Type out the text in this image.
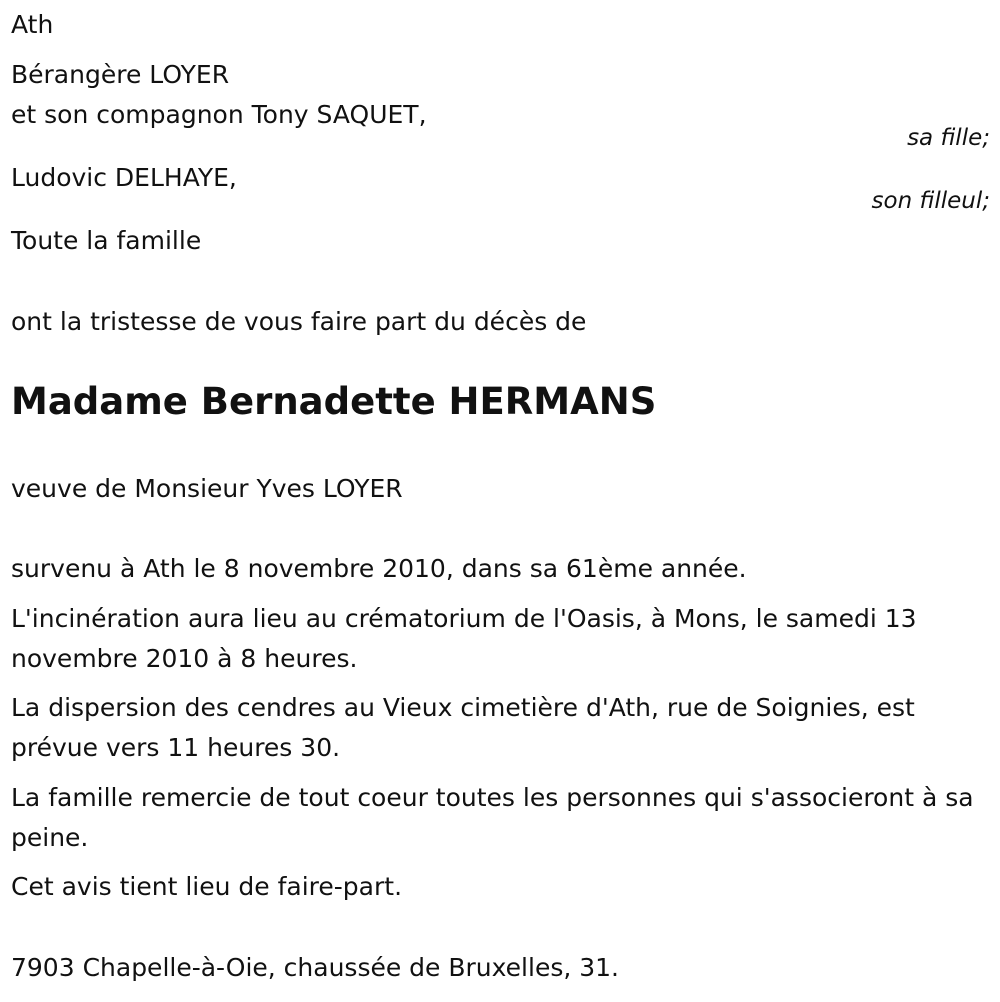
Ath

Bérangère LOYER

et son compagnon Tony SAQUET,

sa fille;

Ludovic DELHAYE,

son filleul;

Toute la famille

ont la tristesse de vous faire part du décès de

Madame Bernadette HERMANS

veuve de Monsieur Yves LOYER

survenu à Ath le 8 novembre 2010, dans sa 61ème année.

L'incinération aura lieu au crématorium de l'Oasis, à Mons, le samedi 13 novembre 2010 à 8 heures.

La dispersion des cendres au Vieux cimetière d'Ath, rue de Soignies, est prévue vers 11 heures 30.

La famille remercie de tout coeur toutes les personnes qui s'associeront à sa peine.

Cet avis tient lieu de faire-part.

7903 Chapelle-à-Oie, chaussée de Bruxelles, 31.
